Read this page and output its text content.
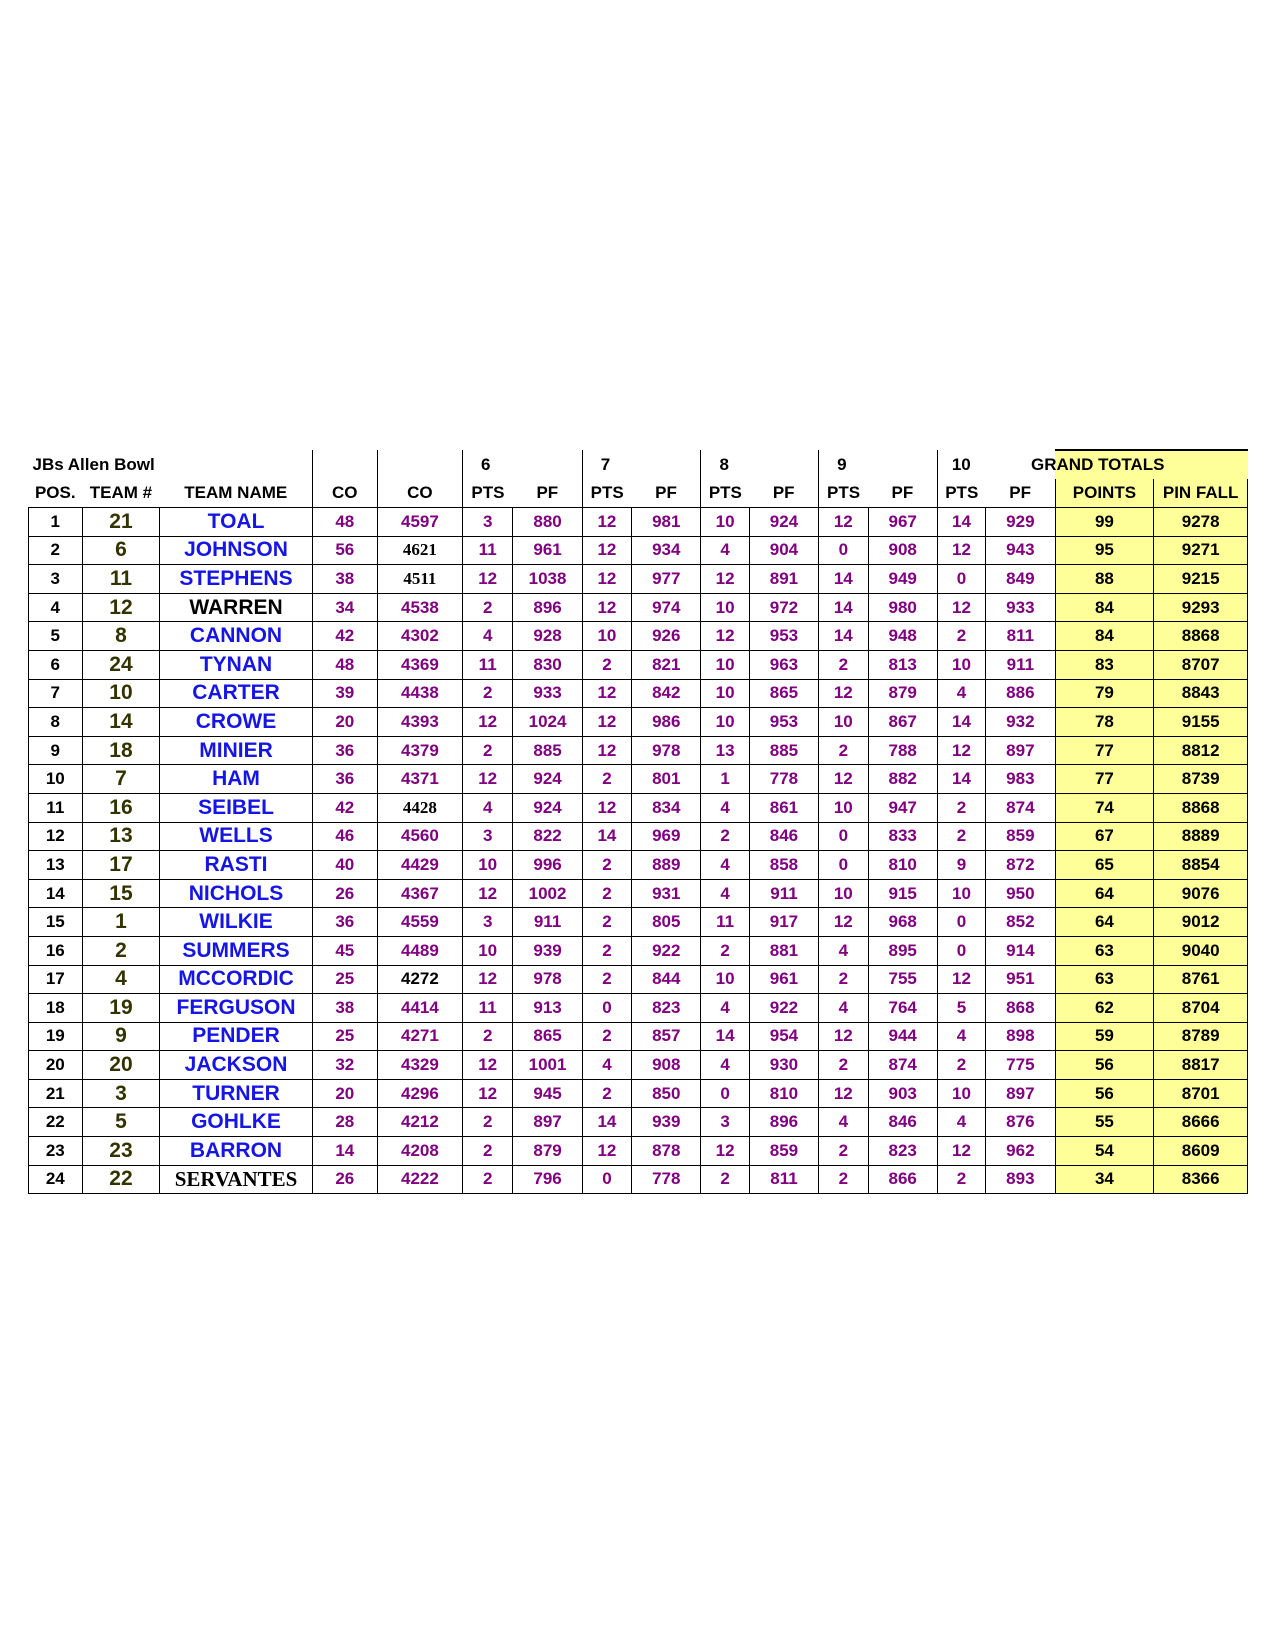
JBs Allen Bowl					6		7		8		9		10		GRAND TOTALS	
POS.	TEAM #	TEAM NAME	CO	CO	PTS	PF	PTS	PF	PTS	PF	PTS	PF	PTS	PF	POINTS	PIN FALL
1	21	TOAL	48	4597	3	880	12	981	10	924	12	967	14	929	99	9278
2	6	JOHNSON	56	4621	11	961	12	934	4	904	0	908	12	943	95	9271
3	11	STEPHENS	38	4511	12	1038	12	977	12	891	14	949	0	849	88	9215
4	12	WARREN	34	4538	2	896	12	974	10	972	14	980	12	933	84	9293
5	8	CANNON	42	4302	4	928	10	926	12	953	14	948	2	811	84	8868
6	24	TYNAN	48	4369	11	830	2	821	10	963	2	813	10	911	83	8707
7	10	CARTER	39	4438	2	933	12	842	10	865	12	879	4	886	79	8843
8	14	CROWE	20	4393	12	1024	12	986	10	953	10	867	14	932	78	9155
9	18	MINIER	36	4379	2	885	12	978	13	885	2	788	12	897	77	8812
10	7	HAM	36	4371	12	924	2	801	1	778	12	882	14	983	77	8739
11	16	SEIBEL	42	4428	4	924	12	834	4	861	10	947	2	874	74	8868
12	13	WELLS	46	4560	3	822	14	969	2	846	0	833	2	859	67	8889
13	17	RASTI	40	4429	10	996	2	889	4	858	0	810	9	872	65	8854
14	15	NICHOLS	26	4367	12	1002	2	931	4	911	10	915	10	950	64	9076
15	1	WILKIE	36	4559	3	911	2	805	11	917	12	968	0	852	64	9012
16	2	SUMMERS	45	4489	10	939	2	922	2	881	4	895	0	914	63	9040
17	4	MCCORDIC	25	4272	12	978	2	844	10	961	2	755	12	951	63	8761
18	19	FERGUSON	38	4414	11	913	0	823	4	922	4	764	5	868	62	8704
19	9	PENDER	25	4271	2	865	2	857	14	954	12	944	4	898	59	8789
20	20	JACKSON	32	4329	12	1001	4	908	4	930	2	874	2	775	56	8817
21	3	TURNER	20	4296	12	945	2	850	0	810	12	903	10	897	56	8701
22	5	GOHLKE	28	4212	2	897	14	939	3	896	4	846	4	876	55	8666
23	23	BARRON	14	4208	2	879	12	878	12	859	2	823	12	962	54	8609
24	22	SERVANTES	26	4222	2	796	0	778	2	811	2	866	2	893	34	8366
